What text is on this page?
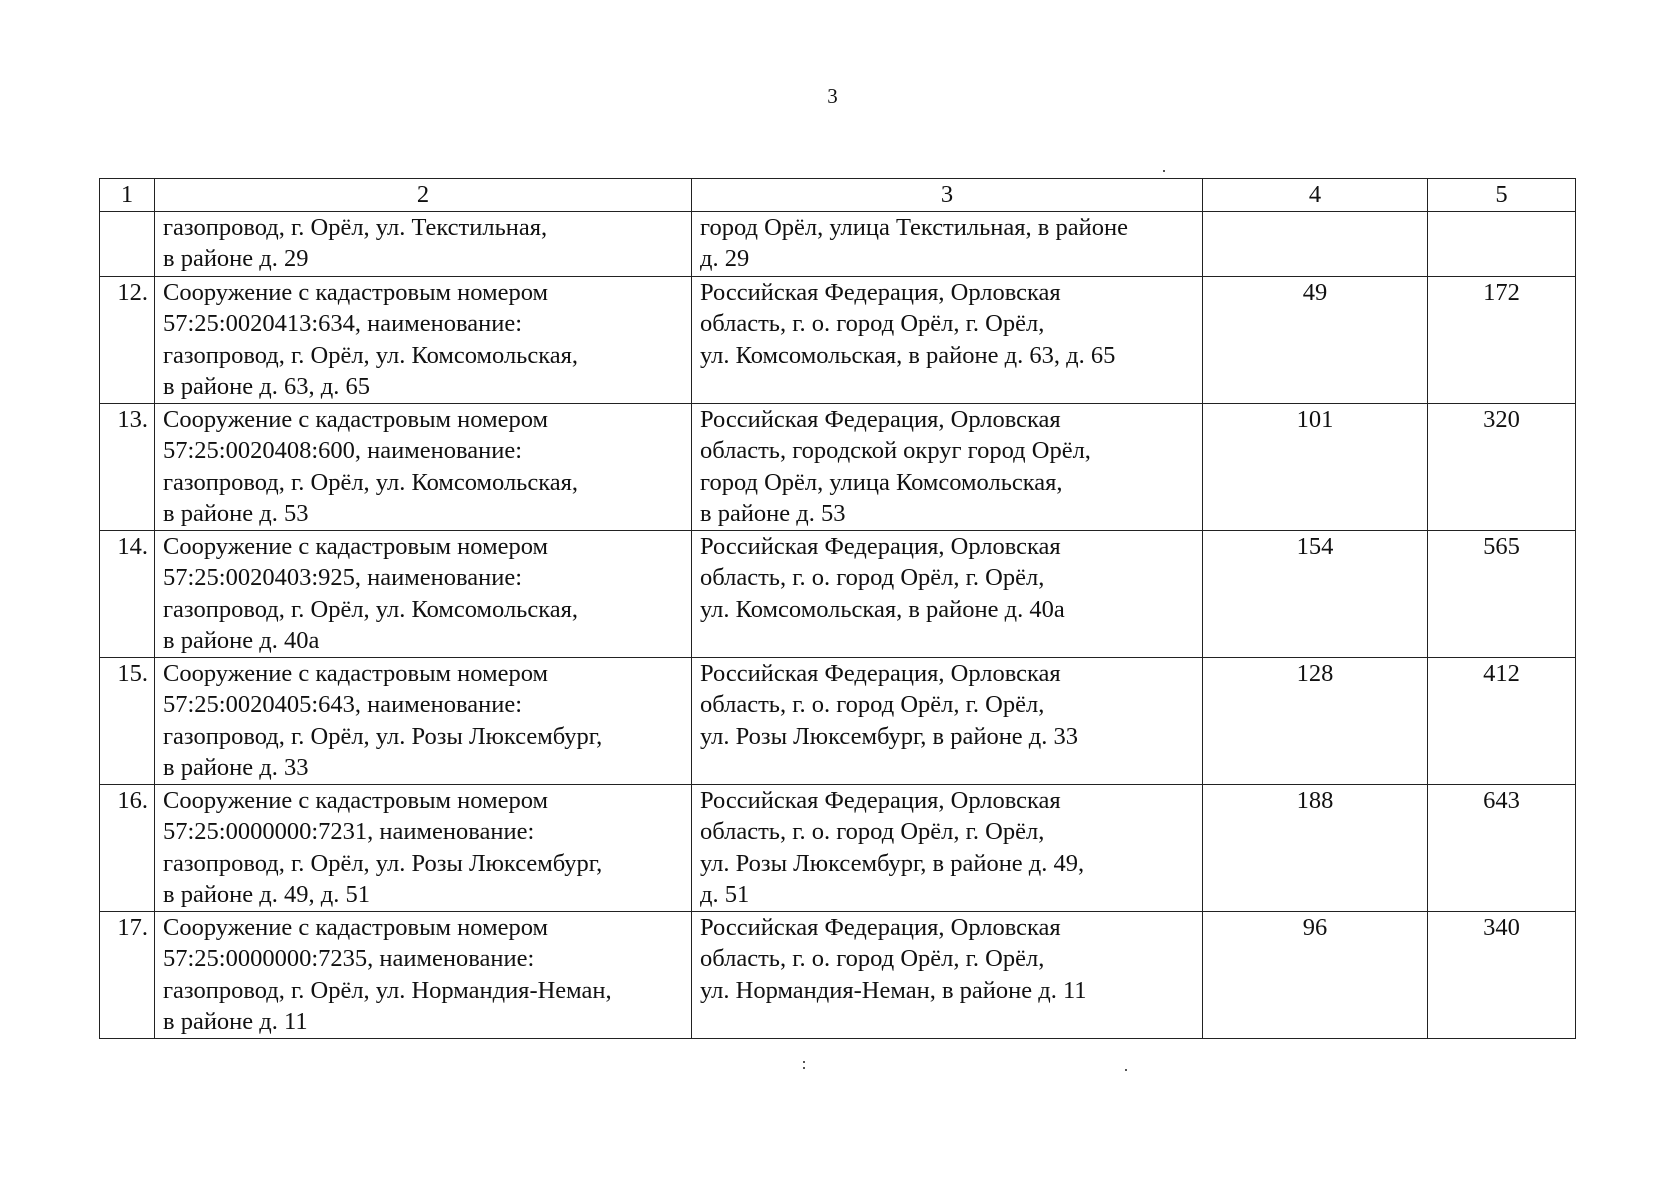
3
1	2	3	4	5

	газопровод, г. Орёл, ул. Текстильная,
в районе д. 29	город Орёл, улица Текстильная, в районе
д. 29		

12.	Сооружение с кадастровым номером
57:25:0020413:634, наименование:
газопровод, г. Орёл, ул. Комсомольская,
в районе д. 63, д. 65	Российская Федерация, Орловская
область, г. о. город Орёл, г. Орёл,
ул. Комсомольская, в районе д. 63, д. 65	49	172
13.	Сооружение с кадастровым номером
57:25:0020408:600, наименование:
газопровод, г. Орёл, ул. Комсомольская,
в районе д. 53	Российская Федерация, Орловская
область, городской округ город Орёл,
город Орёл, улица Комсомольская,
в районе д. 53	101	320
14.	Сооружение с кадастровым номером
57:25:0020403:925, наименование:
газопровод, г. Орёл, ул. Комсомольская,
в районе д. 40а	Российская Федерация, Орловская
область, г. о. город Орёл, г. Орёл,
ул. Комсомольская, в районе д. 40а	154	565
15.	Сооружение с кадастровым номером
57:25:0020405:643, наименование:
газопровод, г. Орёл, ул. Розы Люксембург,
в районе д. 33	Российская Федерация, Орловская
область, г. о. город Орёл, г. Орёл,
ул. Розы Люксембург, в районе д. 33	128	412
16.	Сооружение с кадастровым номером
57:25:0000000:7231, наименование:
газопровод, г. Орёл, ул. Розы Люксембург,
в районе д. 49, д. 51	Российская Федерация, Орловская
область, г. о. город Орёл, г. Орёл,
ул. Розы Люксембург, в районе д. 49,
д. 51	188	643
17.	Сооружение с кадастровым номером
57:25:0000000:7235, наименование:
газопровод, г. Орёл, ул. Нормандия-Неман,
в районе д. 11	Российская Федерация, Орловская
область, г. о. город Орёл, г. Орёл,
ул. Нормандия-Неман, в районе д. 11	96	340
